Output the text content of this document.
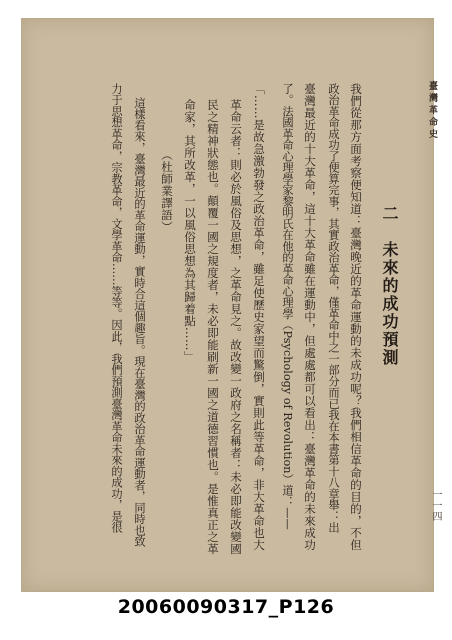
一一四
臺灣革命史
二　未來的成功預測
我們從那方面考察便知道：臺灣晚近的革命運動的未成功呢？我們相信革命的目的，不但
政治革命成功了便算完事，其實政治革命，僅革命中之一部分而已我在本書第十八章舉：出
臺灣最近的十大革命，這十大革命雖在運動中，但處處都可以看出：臺灣革命的未來成功
了。法國革命心理學家黎明氏在他的革命心理學（Psychology of Revolution）道：——
「……是故急激勃發之政治革命，雖足使歷史家望而驚倒，實則此等革命，非大革命也大
革命云者：則必於風俗及思想，之革命見之。故改變一政府之名稱者：未必即能改變國
民之精神狀態也。顛覆一國之規度者，未必即能刷新一國之道德習慣也。是惟真正之革
命家，其所改革，一以風俗思想為其歸着點……」
（杜師業譯語）
這樣看來，臺灣最近的革命運動，實時合這個趣旨。現在臺灣的政治革命運動者，同時也致
力于思想革命，宗教革命，文學革命……等等。因此，我們預測臺灣革命未來的成功，是很
20060090317_P126
